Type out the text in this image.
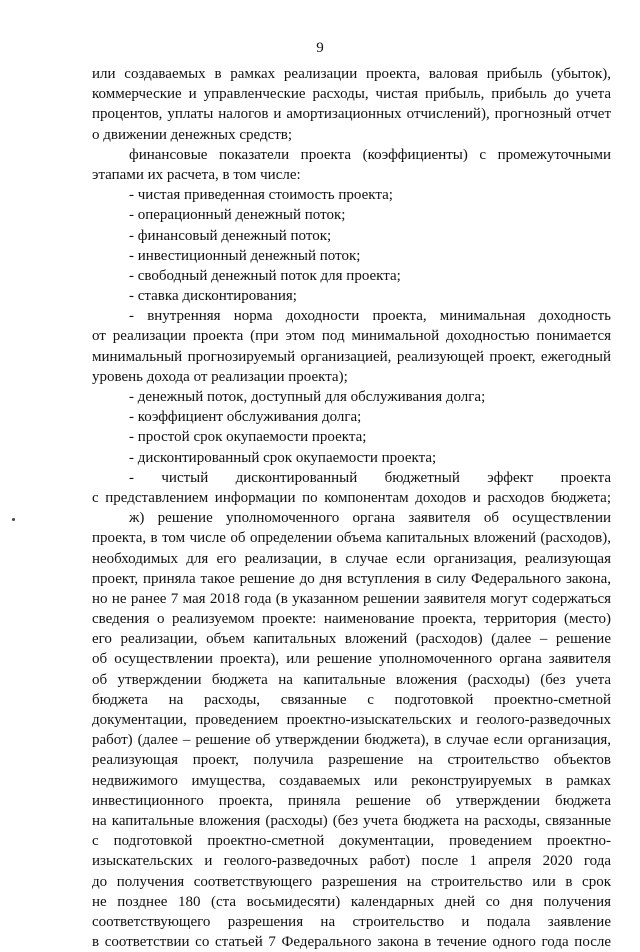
9
или создаваемых в рамках реализации проекта, валовая прибыль (убыток),
коммерческие и управленческие расходы, чистая прибыль, прибыль до учета
процентов, уплаты налогов и амортизационных отчислений), прогнозный отчет
о движении денежных средств;
финансовые показатели проекта (коэффициенты) с промежуточными
этапами их расчета, в том числе:
- чистая приведенная стоимость проекта;
- операционный денежный поток;
- финансовый денежный поток;
- инвестиционный денежный поток;
- свободный денежный поток для проекта;
- ставка дисконтирования;
- внутренняя норма доходности проекта, минимальная доходность
от реализации проекта (при этом под минимальной доходностью понимается
минимальный прогнозируемый организацией, реализующей проект, ежегодный
уровень дохода от реализации проекта);
- денежный поток, доступный для обслуживания долга;
- коэффициент обслуживания долга;
- простой срок окупаемости проекта;
- дисконтированный срок окупаемости проекта;
- чистый дисконтированный бюджетный эффект проекта
с представлением информации по компонентам доходов и расходов бюджета;
ж) решение уполномоченного органа заявителя об осуществлении
проекта, в том числе об определении объема капитальных вложений (расходов),
необходимых для его реализации, в случае если организация, реализующая
проект, приняла такое решение до дня вступления в силу Федерального закона,
но не ранее 7 мая 2018 года (в указанном решении заявителя могут содержаться
сведения о реализуемом проекте: наименование проекта, территория (место)
его реализации, объем капитальных вложений (расходов) (далее – решение
об осуществлении проекта), или решение уполномоченного органа заявителя
об утверждении бюджета на капитальные вложения (расходы) (без учета
бюджета на расходы, связанные с подготовкой проектно-сметной
документации, проведением проектно-изыскательских и геолого-разведочных
работ) (далее – решение об утверждении бюджета), в случае если организация,
реализующая проект, получила разрешение на строительство объектов
недвижимого имущества, создаваемых или реконструируемых в рамках
инвестиционного проекта, приняла решение об утверждении бюджета
на капитальные вложения (расходы) (без учета бюджета на расходы, связанные
с подготовкой проектно-сметной документации, проведением проектно-
изыскательских и геолого-разведочных работ) после 1 апреля 2020 года
до получения соответствующего разрешения на строительство или в срок
не позднее 180 (ста восьмидесяти) календарных дней со дня получения
соответствующего разрешения на строительство и подала заявление
в соответствии со статьей 7 Федерального закона в течение одного года после
